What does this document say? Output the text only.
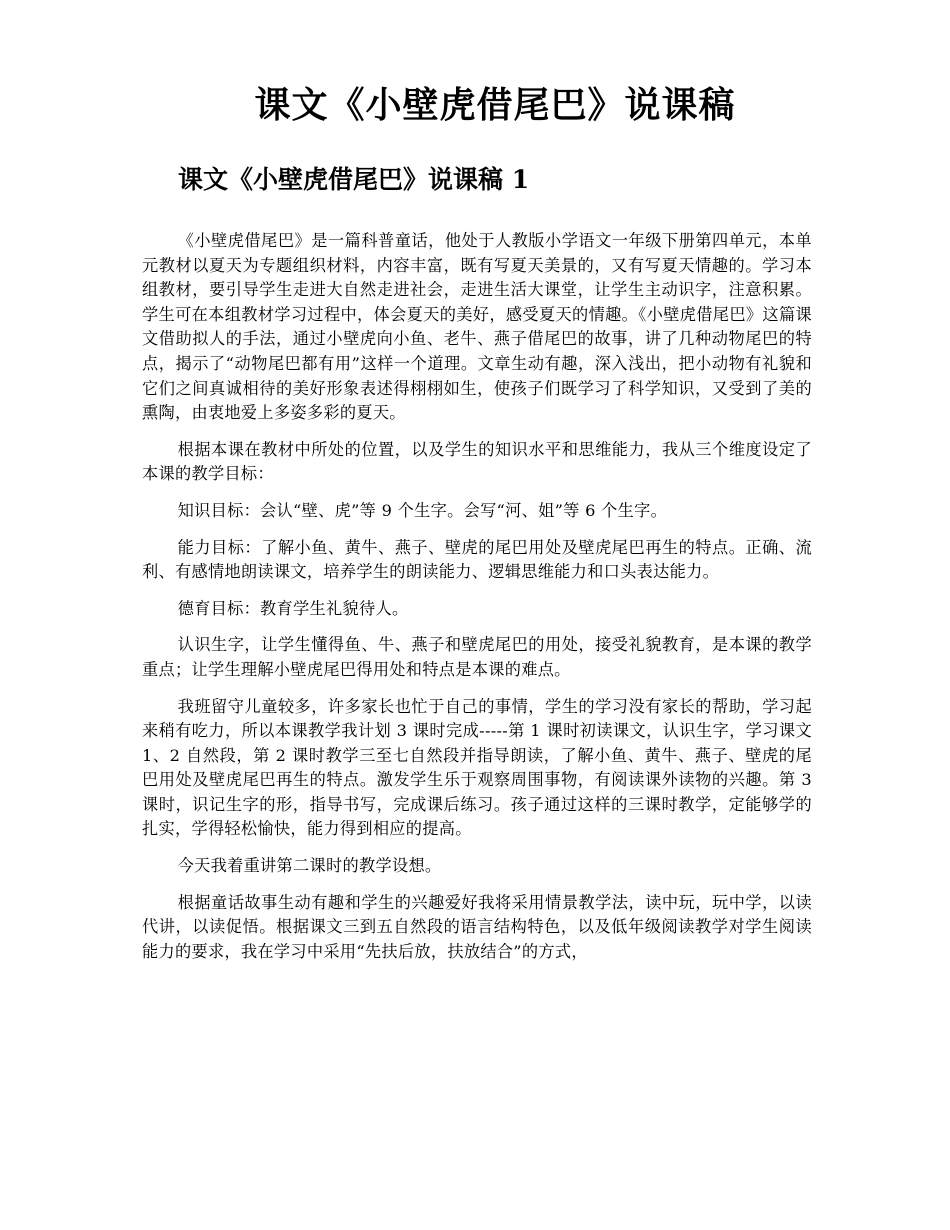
课文《小壁虎借尾巴》说课稿
课文《小壁虎借尾巴》说课稿 1

《小壁虎借尾巴》是一篇科普童话，他处于人教版小学语文一年级下册第四单元，本单元教材以夏天为专题组织材料，内容丰富，既有写夏天美景的，又有写夏天情趣的。学习本组教材，要引导学生走进大自然走进社会，走进生活大课堂，让学生主动识字，注意积累。学生可在本组教材学习过程中，体会夏天的美好，感受夏天的情趣。《小壁虎借尾巴》这篇课文借助拟人的手法，通过小壁虎向小鱼、老牛、燕子借尾巴的故事，讲了几种动物尾巴的特点，揭示了“动物尾巴都有用”这样一个道理。文章生动有趣，深入浅出，把小动物有礼貌和它们之间真诚相待的美好形象表述得栩栩如生，使孩子们既学习了科学知识，又受到了美的熏陶，由衷地爱上多姿多彩的夏天。

根据本课在教材中所处的位置，以及学生的知识水平和思维能力，我从三个维度设定了本课的教学目标：

知识目标：会认“壁、虎”等 9 个生字。会写“河、姐”等 6 个生字。

能力目标：了解小鱼、黄牛、燕子、壁虎的尾巴用处及壁虎尾巴再生的特点。正确、流利、有感情地朗读课文，培养学生的朗读能力、逻辑思维能力和口头表达能力。

德育目标：教育学生礼貌待人。

认识生字，让学生懂得鱼、牛、燕子和壁虎尾巴的用处，接受礼貌教育，是本课的教学重点；让学生理解小壁虎尾巴得用处和特点是本课的难点。

我班留守儿童较多，许多家长也忙于自己的事情，学生的学习没有家长的帮助，学习起来稍有吃力，所以本课教学我计划 3 课时完成-----第 1 课时初读课文，认识生字，学习课文 1、2 自然段，第 2 课时教学三至七自然段并指导朗读，了解小鱼、黄牛、燕子、壁虎的尾巴用处及壁虎尾巴再生的特点。激发学生乐于观察周围事物，有阅读课外读物的兴趣。第 3 课时，识记生字的形，指导书写，完成课后练习。孩子通过这样的三课时教学，定能够学的扎实，学得轻松愉快，能力得到相应的提高。

今天我着重讲第二课时的教学设想。

根据童话故事生动有趣和学生的兴趣爱好我将采用情景教学法，读中玩，玩中学，以读代讲，以读促悟。根据课文三到五自然段的语言结构特色，以及低年级阅读教学对学生阅读能力的要求，我在学习中采用“先扶后放，扶放结合”的方式，
